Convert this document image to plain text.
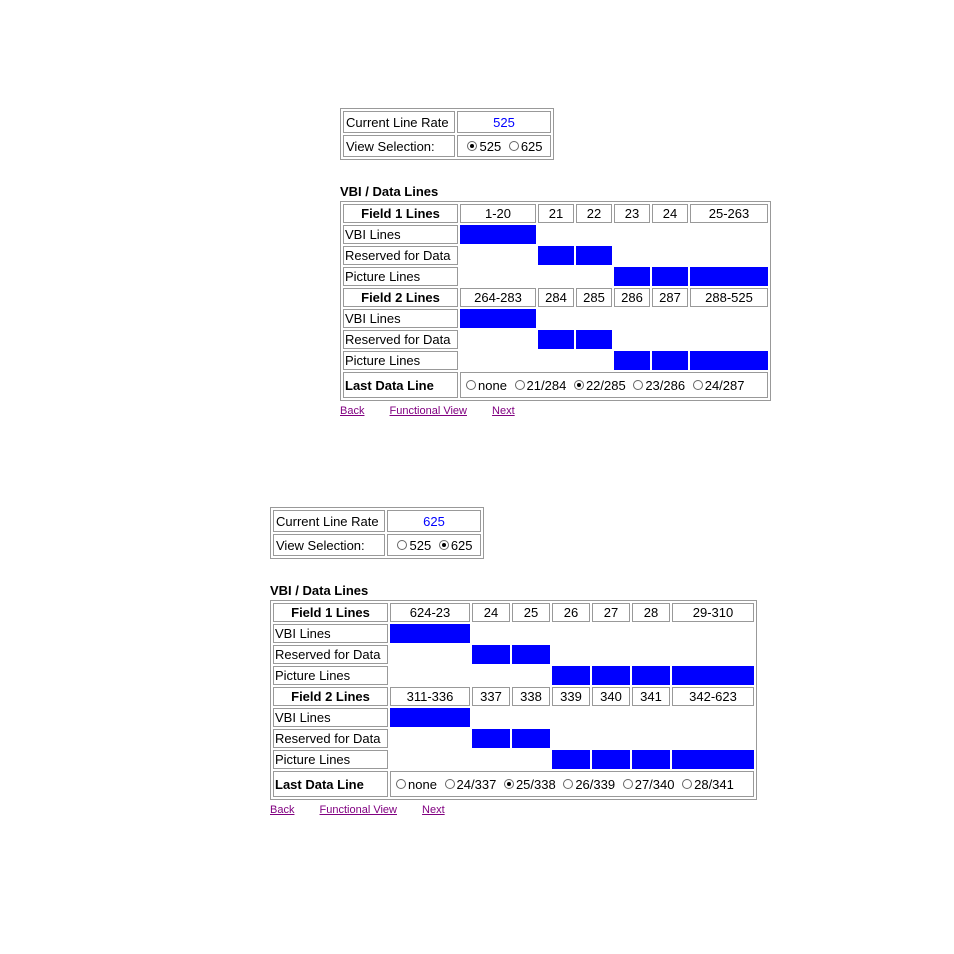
Current Line Rate	525
View Selection:	525 625
VBI / Data Lines
Field 1 Lines	1-20	21	22	23	24	25-263
VBI Lines						
Reserved for Data						
Picture Lines						
Field 2 Lines	264-283	284	285	286	287	288-525
VBI Lines						
Reserved for Data						
Picture Lines						
Last Data Line	none 21/284 22/285 23/286 24/287					
Back Functional View Next
Current Line Rate	625
View Selection:	525 625
VBI / Data Lines
Field 1 Lines	624-23	24	25	26	27	28	29-310
VBI Lines							
Reserved for Data							
Picture Lines							
Field 2 Lines	311-336	337	338	339	340	341	342-623
VBI Lines							
Reserved for Data							
Picture Lines							
Last Data Line	none 24/337 25/338 26/339 27/340 28/341						
Back Functional View Next
